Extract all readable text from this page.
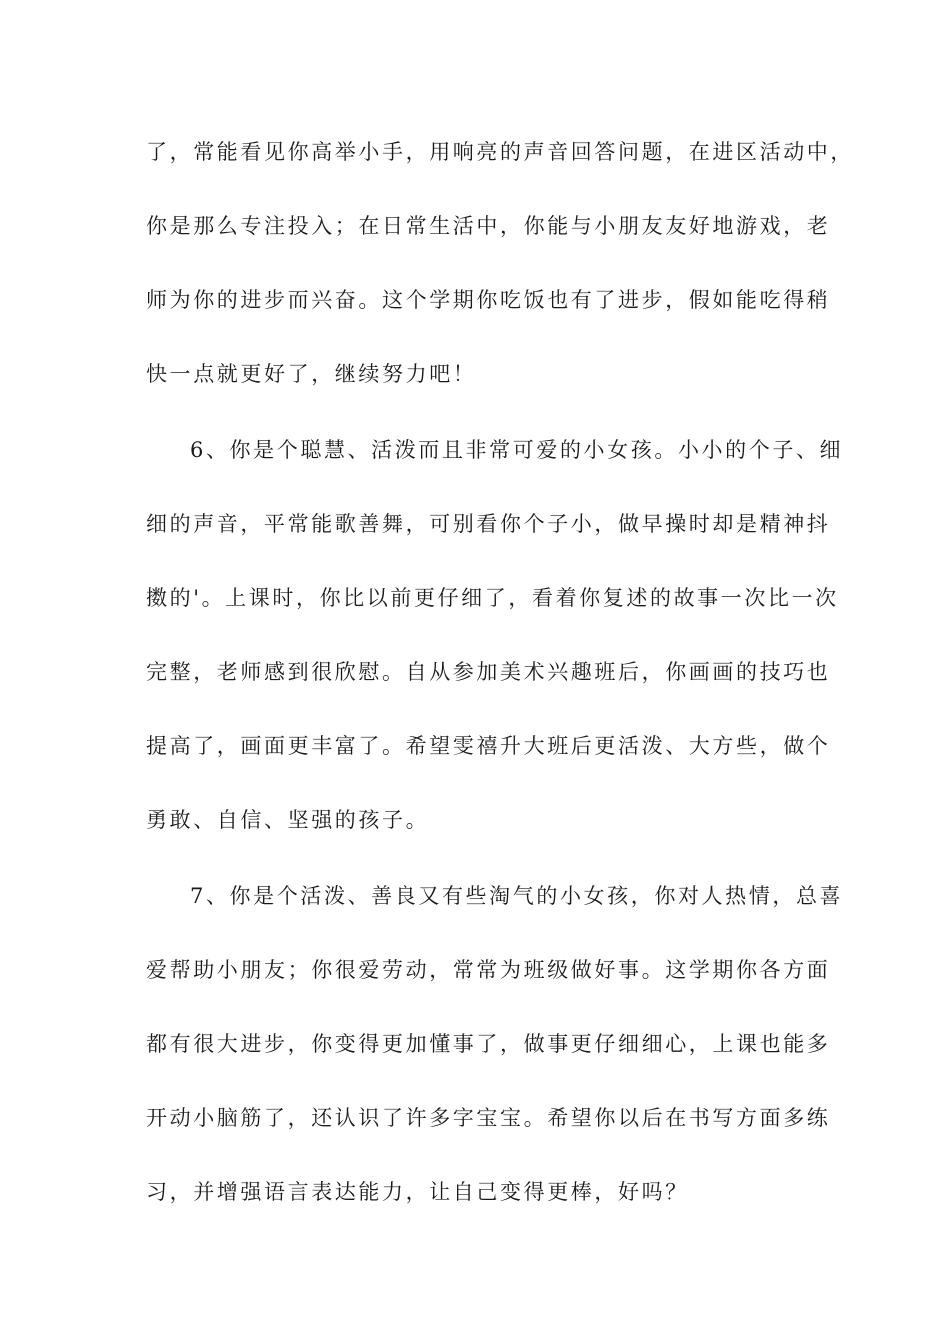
了，常能看见你高举小手，用响亮的声音回答问题，在进区活动中，
你是那么专注投入；在日常生活中，你能与小朋友友好地游戏，老
师为你的进步而兴奋。这个学期你吃饭也有了进步，假如能吃得稍
快一点就更好了，继续努力吧！
6、你是个聪慧、活泼而且非常可爱的小女孩。小小的个子、细
细的声音，平常能歌善舞，可别看你个子小，做早操时却是精神抖
擞的'。上课时，你比以前更仔细了，看着你复述的故事一次比一次
完整，老师感到很欣慰。自从参加美术兴趣班后，你画画的技巧也
提高了，画面更丰富了。希望雯禧升大班后更活泼、大方些，做个
勇敢、自信、坚强的孩子。
7、你是个活泼、善良又有些淘气的小女孩，你对人热情，总喜
爱帮助小朋友；你很爱劳动，常常为班级做好事。这学期你各方面
都有很大进步，你变得更加懂事了，做事更仔细细心，上课也能多
开动小脑筋了，还认识了许多字宝宝。希望你以后在书写方面多练
习，并增强语言表达能力，让自己变得更棒，好吗？
